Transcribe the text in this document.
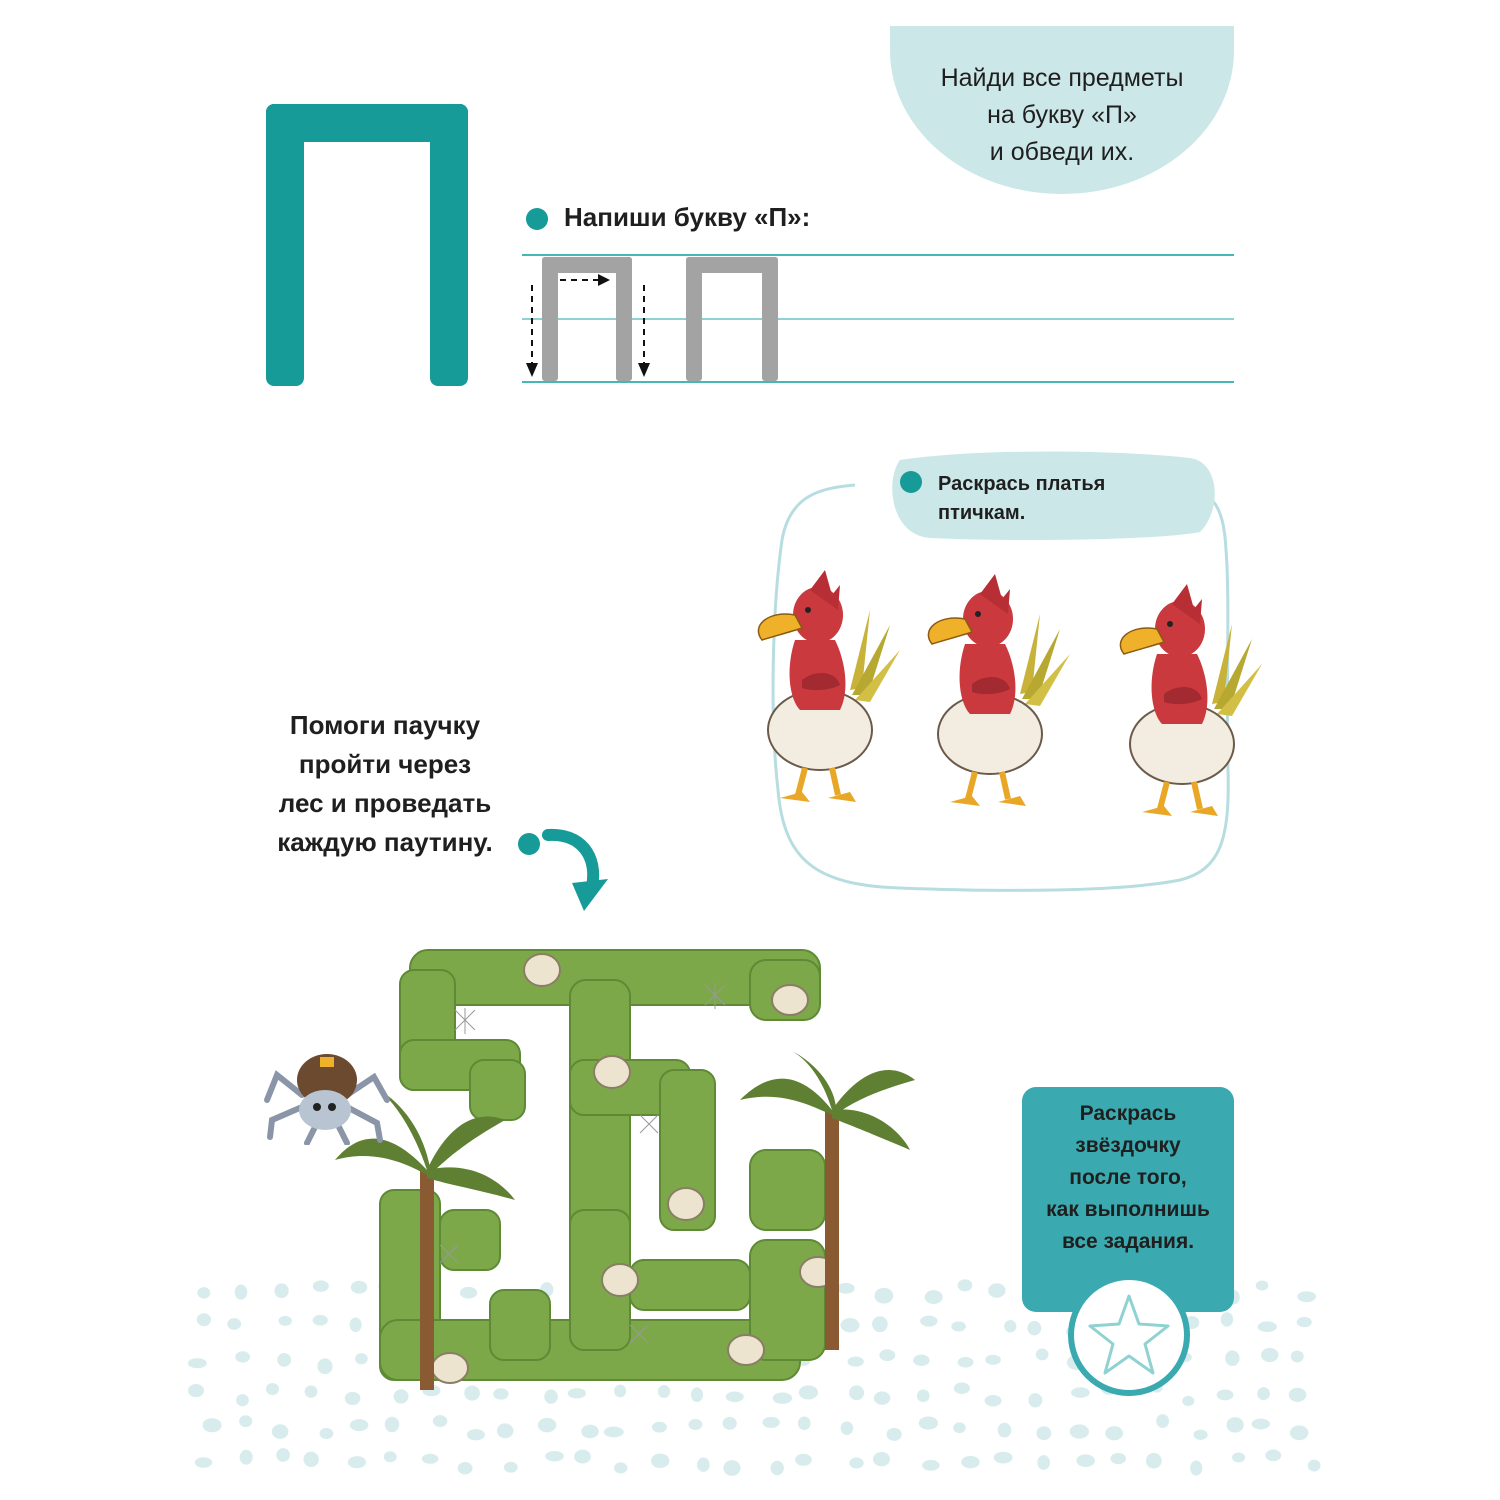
Найди все предметы
на букву «П»
и обведи их.
Напиши букву «П»:
Раскрась платья
птичкам.
Помоги паучку
пройти через
лес и проведать
каждую паутину.
Раскрась
звёздочку
после того,
как выполнишь
все задания.
